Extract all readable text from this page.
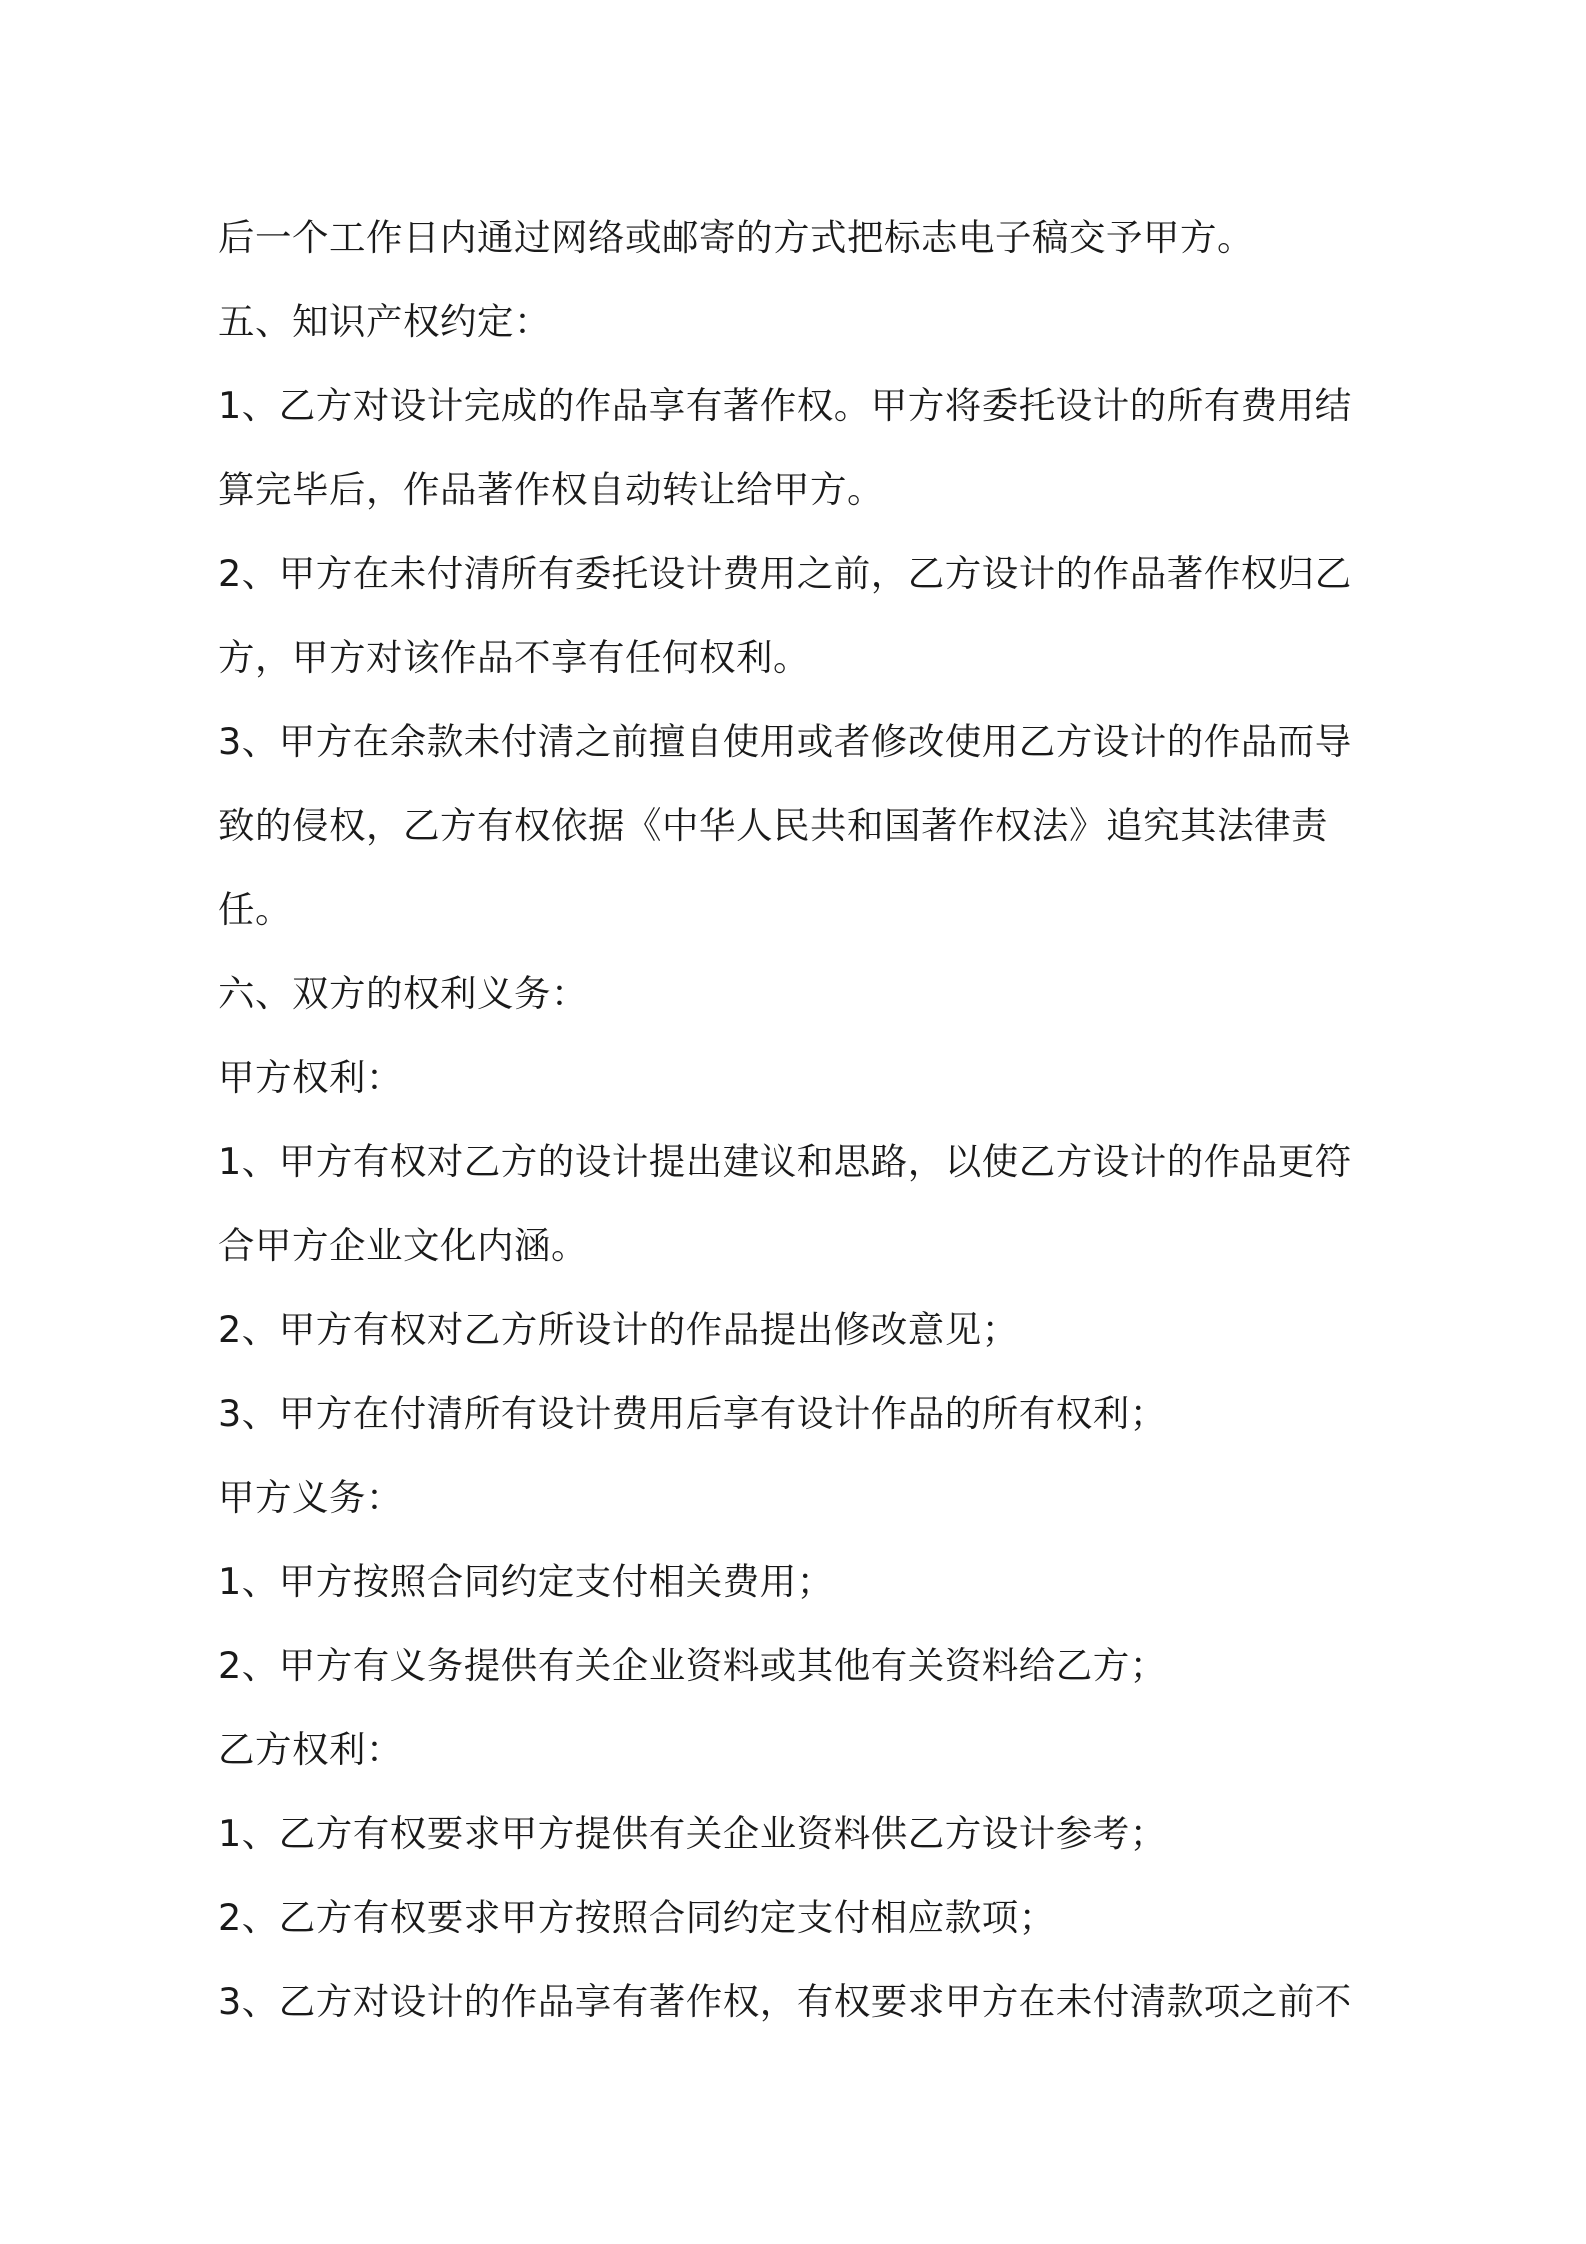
后一个工作日内通过网络或邮寄的方式把标志电子稿交予甲方。
五、知识产权约定：
1、乙方对设计完成的作品享有著作权。甲方将委托设计的所有费用结
算完毕后，作品著作权自动转让给甲方。
2、甲方在未付清所有委托设计费用之前，乙方设计的作品著作权归乙
方，甲方对该作品不享有任何权利。
3、甲方在余款未付清之前擅自使用或者修改使用乙方设计的作品而导
致的侵权，乙方有权依据《中华人民共和国著作权法》追究其法律责
任。
六、双方的权利义务：
甲方权利：
1、甲方有权对乙方的设计提出建议和思路，以使乙方设计的作品更符
合甲方企业文化内涵。
2、甲方有权对乙方所设计的作品提出修改意见；
3、甲方在付清所有设计费用后享有设计作品的所有权利；
甲方义务：
1、甲方按照合同约定支付相关费用；
2、甲方有义务提供有关企业资料或其他有关资料给乙方；
乙方权利：
1、乙方有权要求甲方提供有关企业资料供乙方设计参考；
2、乙方有权要求甲方按照合同约定支付相应款项；
3、乙方对设计的作品享有著作权，有权要求甲方在未付清款项之前不
